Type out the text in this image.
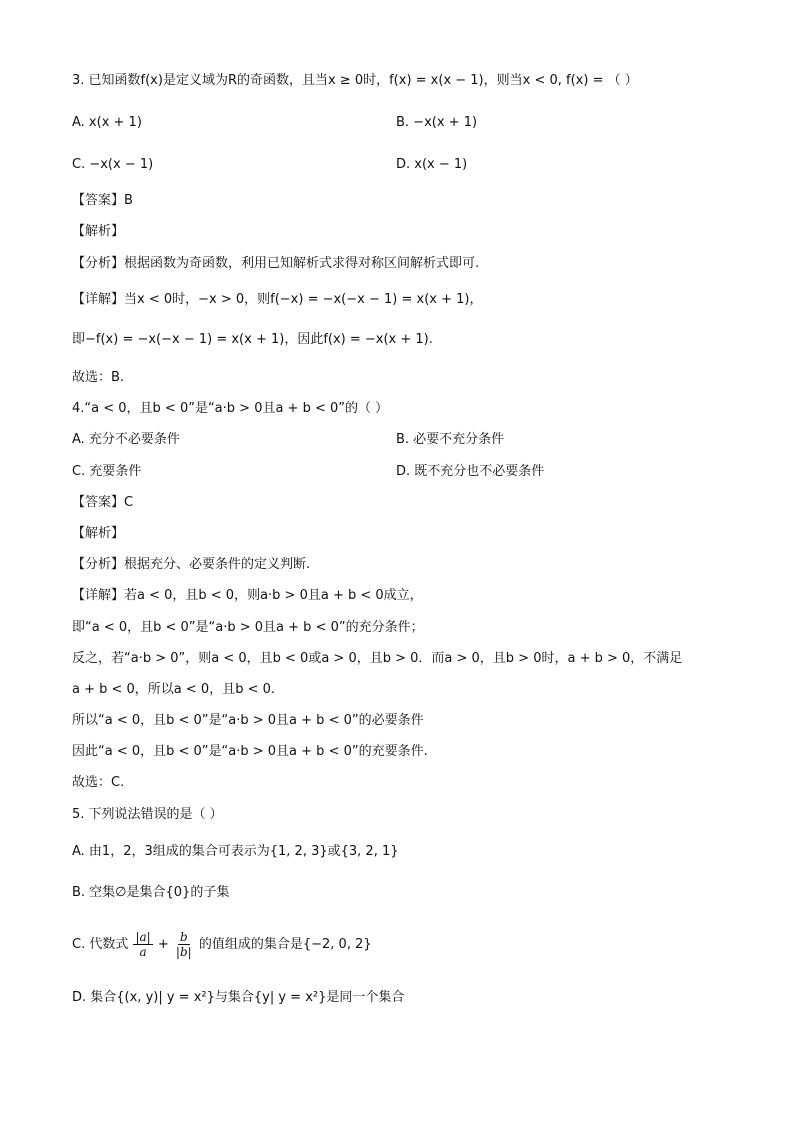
3. 已知函数f(x)是定义域为R的奇函数，且当x ≥ 0时，f(x) = x(x − 1)，则当x < 0, f(x) = （ ）
A. x(x + 1)	B. −x(x + 1)
C. −x(x − 1)	D. x(x − 1)
【答案】B
【解析】
【分析】根据函数为奇函数，利用已知解析式求得对称区间解析式即可.
【详解】当x < 0时，−x > 0，则f(−x) = −x(−x − 1) = x(x + 1)，
即−f(x) = −x(−x − 1) = x(x + 1)，因此f(x) = −x(x + 1).
故选：B.
4.“a < 0，且b < 0”是“a·b > 0且a + b < 0”的（ ）
A. 充分不必要条件	B. 必要不充分条件
C. 充要条件	D. 既不充分也不必要条件
【答案】C
【解析】
【分析】根据充分、必要条件的定义判断.
【详解】若a < 0，且b < 0，则a·b > 0且a + b < 0成立，
即“a < 0，且b < 0”是“a·b > 0且a + b < 0”的充分条件；
反之，若“a·b > 0”，则a < 0，且b < 0或a > 0，且b > 0．而a > 0，且b > 0时，a + b > 0，不满足
a + b < 0，所以a < 0，且b < 0.
所以“a < 0，且b < 0”是“a·b > 0且a + b < 0”的必要条件
因此“a < 0，且b < 0”是“a·b > 0且a + b < 0”的充要条件.
故选：C.
5. 下列说法错误的是（ ）
A. 由1，2，3组成的集合可表示为{1, 2, 3}或{3, 2, 1}
B. 空集∅是集合{0}的子集
C. 代数式 $\frac{|a|}{a} + \frac{b}{|b|}$ 的值组成的集合是{−2, 0, 2}
D. 集合{(x, y)| y = x²}与集合{y| y = x²}是同一个集合
